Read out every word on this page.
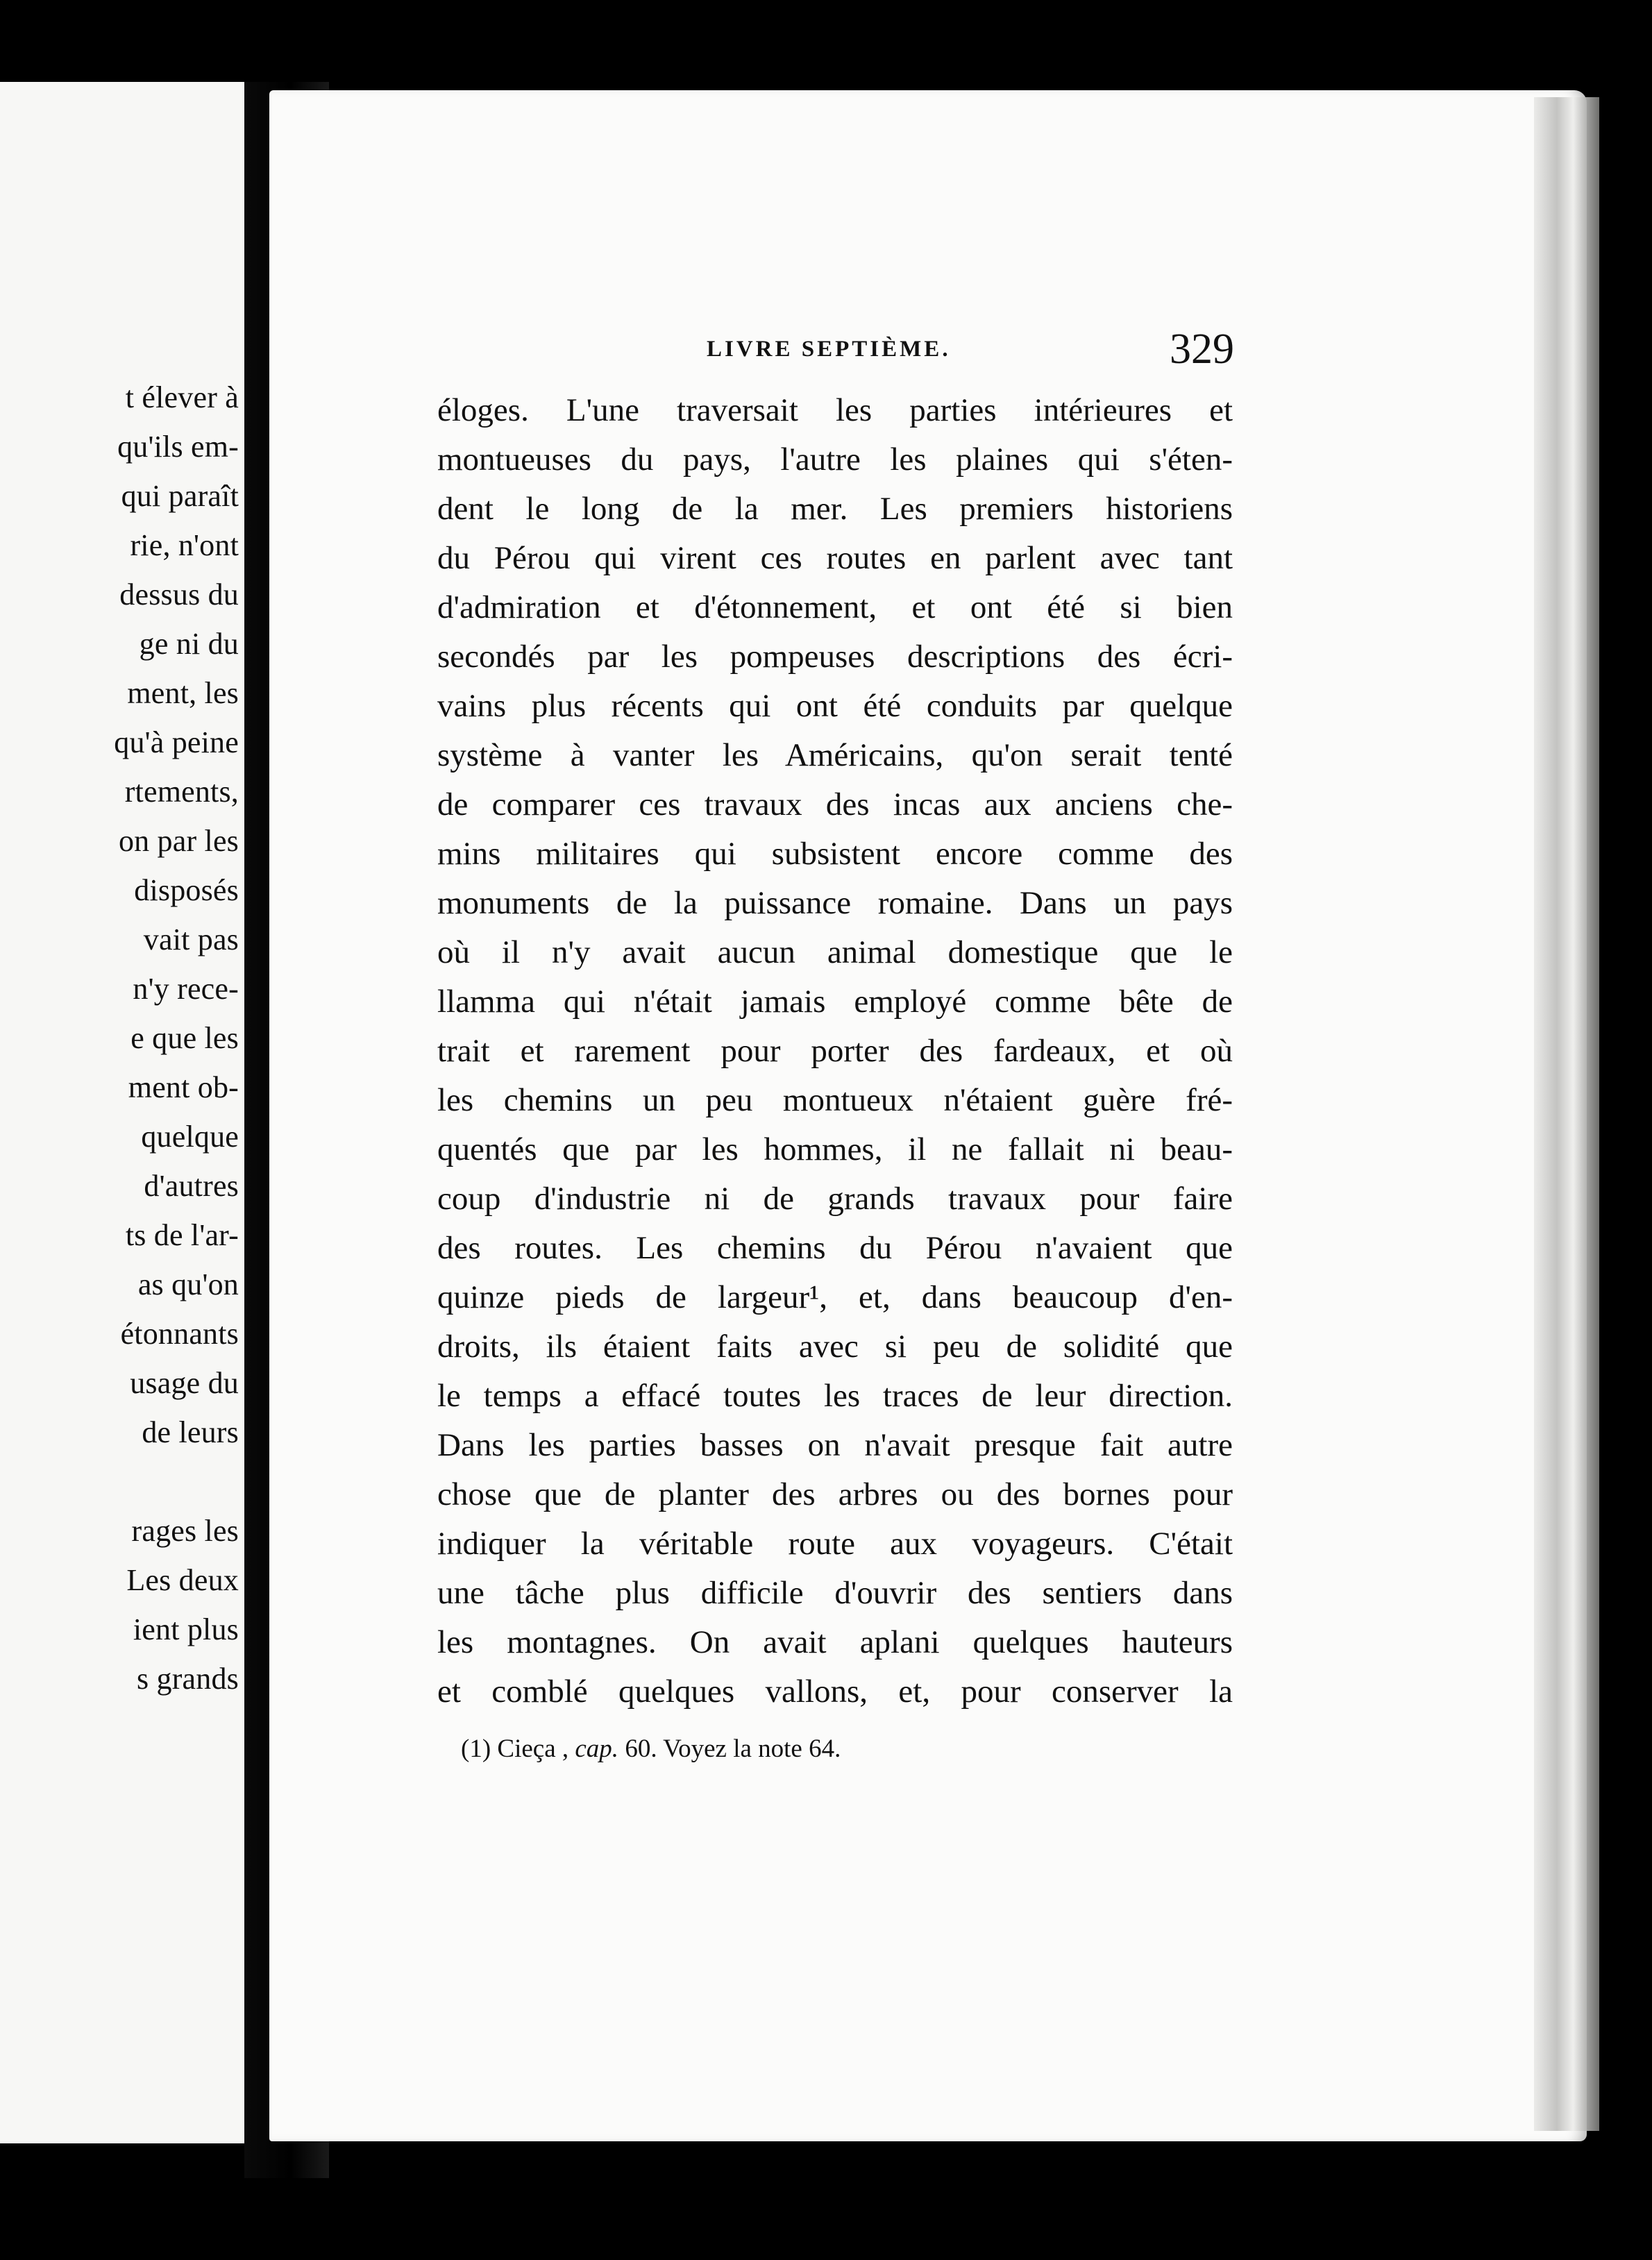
t élever à
qu'ils em-
qui paraît
rie, n'ont
dessus du
ge ni du
ment, les
qu'à peine
rtements,
on par les
disposés
vait pas
n'y rece-
e que les
ment ob-
quelque
d'autres
ts de l'ar-
as qu'on
étonnants
usage du
de leurs
rages les
Les deux
ient plus
s grands
LIVRE SEPTIÈME.	329
éloges. L'une traversait les parties intérieures et
montueuses du pays, l'autre les plaines qui s'éten-
dent le long de la mer. Les premiers historiens
du Pérou qui virent ces routes en parlent avec tant
d'admiration et d'étonnement, et ont été si bien
secondés par les pompeuses descriptions des écri-
vains plus récents qui ont été conduits par quelque
système à vanter les Américains, qu'on serait tenté
de comparer ces travaux des incas aux anciens che-
mins militaires qui subsistent encore comme des
monuments de la puissance romaine. Dans un pays
où il n'y avait aucun animal domestique que le
llamma qui n'était jamais employé comme bête de
trait et rarement pour porter des fardeaux, et où
les chemins un peu montueux n'étaient guère fré-
quentés que par les hommes, il ne fallait ni beau-
coup d'industrie ni de grands travaux pour faire
des routes. Les chemins du Pérou n'avaient que
quinze pieds de largeur¹, et, dans beaucoup d'en-
droits, ils étaient faits avec si peu de solidité que
le temps a effacé toutes les traces de leur direction.
Dans les parties basses on n'avait presque fait autre
chose que de planter des arbres ou des bornes pour
indiquer la véritable route aux voyageurs. C'était
une tâche plus difficile d'ouvrir des sentiers dans
les montagnes. On avait aplani quelques hauteurs
et comblé quelques vallons, et, pour conserver la
(1) Cieça , cap. 60. Voyez la note 64.
